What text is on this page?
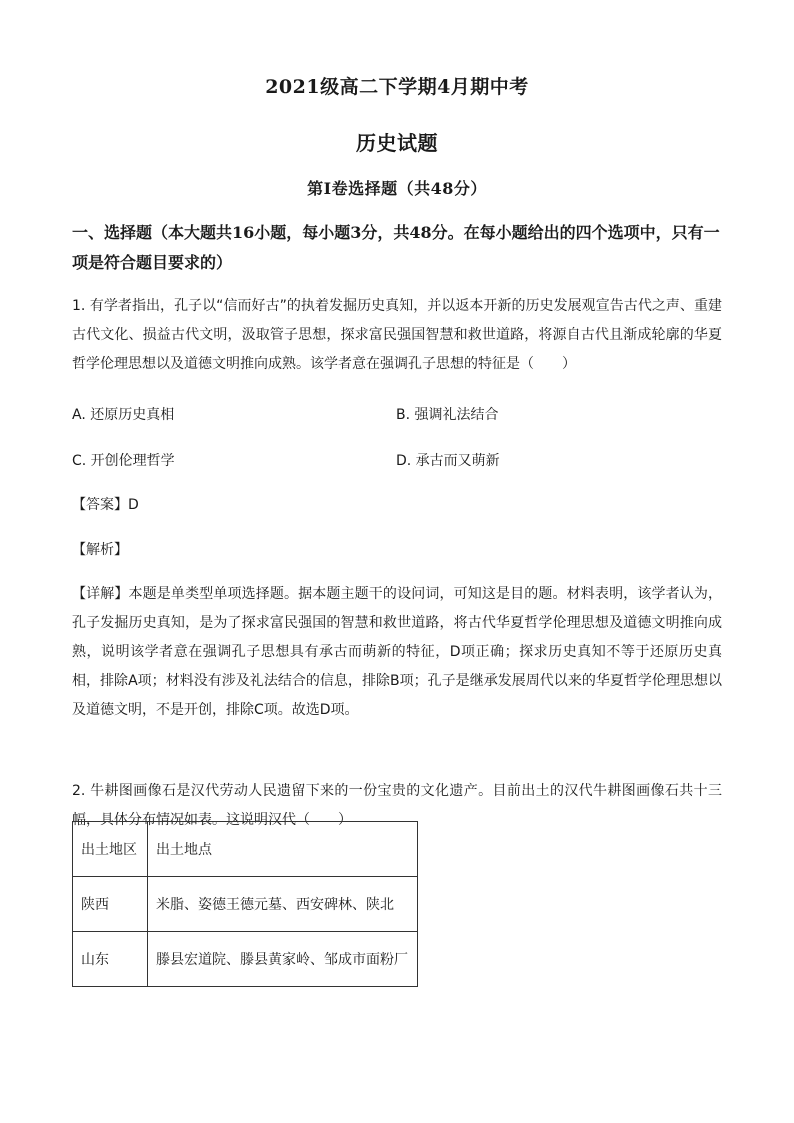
2021级高二下学期4月期中考
历史试题
第I卷选择题（共48分）
一、选择题（本大题共16小题，每小题3分，共48分。在每小题给出的四个选项中，只有一项是符合题目要求的）
1. 有学者指出，孔子以“信而好古”的执着发掘历史真知，并以返本开新的历史发展观宣告古代之声、重建古代文化、损益古代文明，汲取管子思想，探求富民强国智慧和救世道路，将源自古代且渐成轮廓的华夏哲学伦理思想以及道德文明推向成熟。该学者意在强调孔子思想的特征是（　　）
A. 还原历史真相	B. 强调礼法结合
C. 开创伦理哲学	D. 承古而又萌新
【答案】D
【解析】
【详解】本题是单类型单项选择题。据本题主题干的设问词，可知这是目的题。材料表明，该学者认为，孔子发掘历史真知，是为了探求富民强国的智慧和救世道路，将古代华夏哲学伦理思想及道德文明推向成熟，说明该学者意在强调孔子思想具有承古而萌新的特征，D项正确；探求历史真知不等于还原历史真相，排除A项；材料没有涉及礼法结合的信息，排除B项；孔子是继承发展周代以来的华夏哲学伦理思想以及道德文明，不是开创，排除C项。故选D项。
2. 牛耕图画像石是汉代劳动人民遗留下来的一份宝贵的文化遗产。目前出土的汉代牛耕图画像石共十三幅，具体分布情况如表。这说明汉代（　　）
出土地区	出土地点
陕西	米脂、姿德王德元墓、西安碑林、陕北
山东	滕县宏道院、滕县黄家岭、邹成市面粉厂
